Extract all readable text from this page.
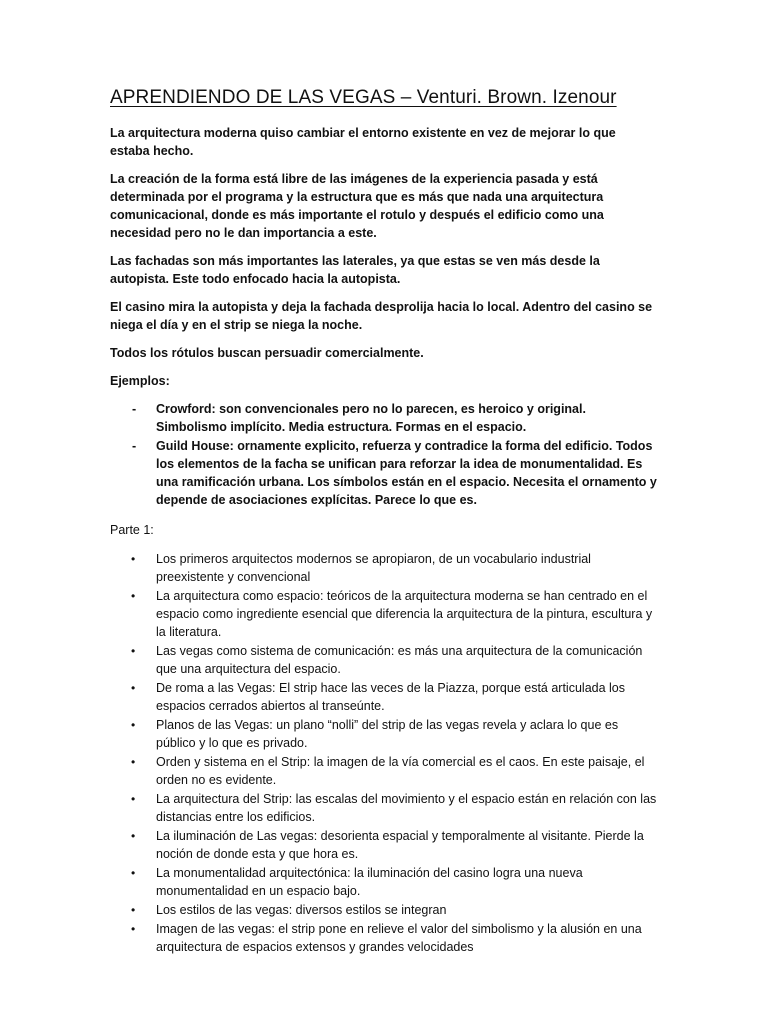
APRENDIENDO DE LAS VEGAS – Venturi. Brown. Izenour

La arquitectura moderna quiso cambiar el entorno existente en vez de mejorar lo que estaba hecho.

La creación de la forma está libre de las imágenes de la experiencia pasada y está determinada por el programa y la estructura que es más que nada una arquitectura comunicacional, donde es más importante el rotulo y después el edificio como una necesidad pero no le dan importancia a este.

Las fachadas son más importantes las laterales, ya que estas se ven más desde la autopista. Este todo enfocado hacia la autopista.

El casino mira la autopista y deja la fachada desprolija hacia lo local. Adentro del casino se niega el día y en el strip se niega la noche.

Todos los rótulos buscan persuadir comercialmente.

Ejemplos:

- Crowford: son convencionales pero no lo parecen, es heroico y original. Simbolismo implícito. Media estructura. Formas en el espacio.
- Guild House: ornamente explicito, refuerza y contradice la forma del edificio. Todos los elementos de la facha se unifican para reforzar la idea de monumentalidad. Es una ramificación urbana. Los símbolos están en el espacio. Necesita el ornamento y depende de asociaciones explícitas. Parece lo que es.

Parte 1:

• Los primeros arquitectos modernos se apropiaron, de un vocabulario industrial preexistente y convencional
• La arquitectura como espacio: teóricos de la arquitectura moderna se han centrado en el espacio como ingrediente esencial que diferencia la arquitectura de la pintura, escultura y la literatura.
• Las vegas como sistema de comunicación: es más una arquitectura de la comunicación que una arquitectura del espacio.
• De roma a las Vegas: El strip hace las veces de la Piazza, porque está articulada los espacios cerrados abiertos al transeúnte.
• Planos de las Vegas: un plano “nolli” del strip de las vegas revela y aclara lo que es público y lo que es privado.
• Orden y sistema en el Strip: la imagen de la vía comercial es el caos. En este paisaje, el orden no es evidente.
• La arquitectura del Strip: las escalas del movimiento y el espacio están en relación con las distancias entre los edificios.
• La iluminación de Las vegas: desorienta espacial y temporalmente al visitante. Pierde la noción de donde esta y que hora es.
• La monumentalidad arquitectónica: la iluminación del casino logra una nueva monumentalidad en un espacio bajo.
• Los estilos de las vegas: diversos estilos se integran
• Imagen de las vegas: el strip pone en relieve el valor del simbolismo y la alusión en una arquitectura de espacios extensos y grandes velocidades
